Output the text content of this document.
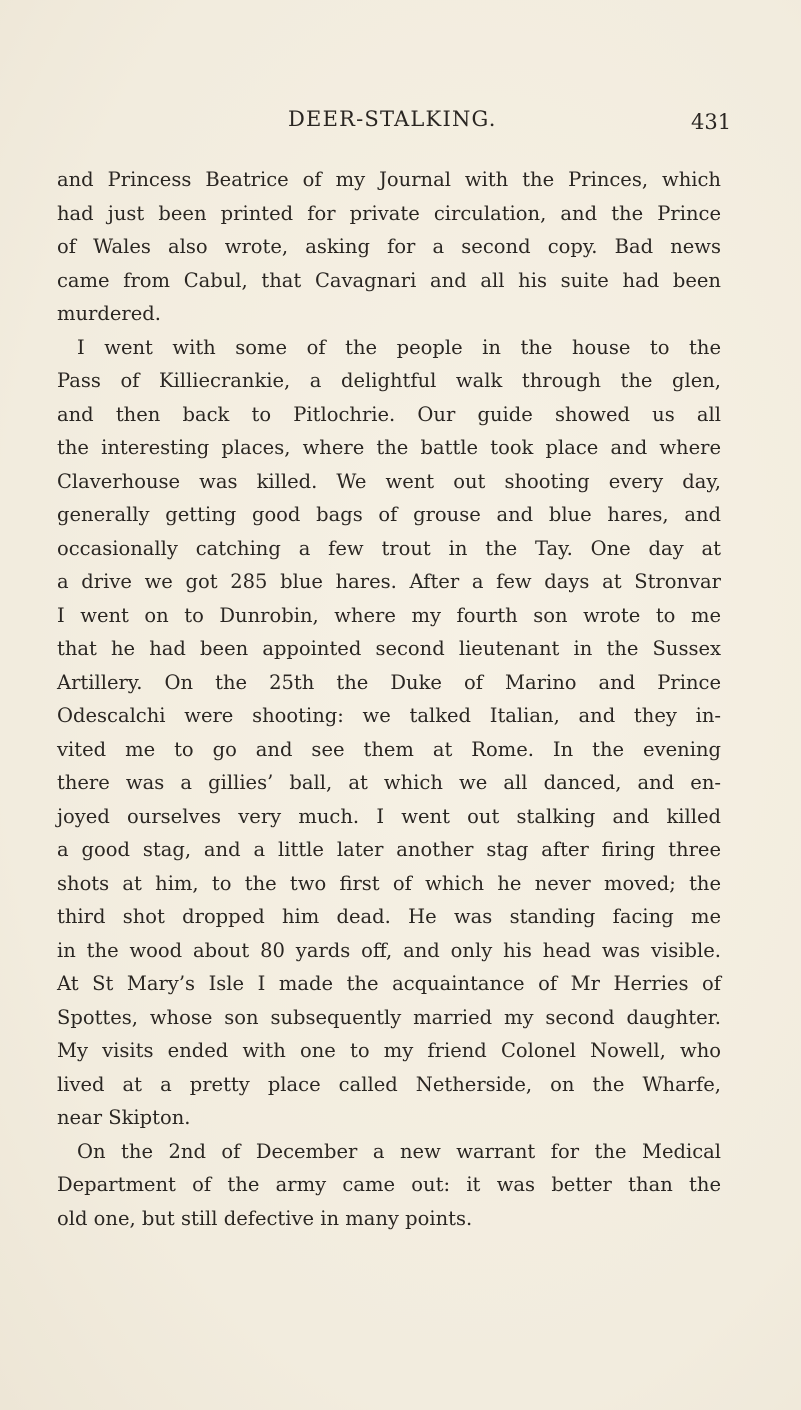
DEER-STALKING.	431
and Princess Beatrice of my Journal with the Princes, which
had just been printed for private circulation, and the Prince
of Wales also wrote, asking for a second copy. Bad news
came from Cabul, that Cavagnari and all his suite had been
murdered.
I went with some of the people in the house to the
Pass of Killiecrankie, a delightful walk through the glen,
and then back to Pitlochrie. Our guide showed us all
the interesting places, where the battle took place and where
Claverhouse was killed. We went out shooting every day,
generally getting good bags of grouse and blue hares, and
occasionally catching a few trout in the Tay. One day at
a drive we got 285 blue hares. After a few days at Stronvar
I went on to Dunrobin, where my fourth son wrote to me
that he had been appointed second lieutenant in the Sussex
Artillery. On the 25th the Duke of Marino and Prince
Odescalchi were shooting: we talked Italian, and they in-
vited me to go and see them at Rome. In the evening
there was a gillies’ ball, at which we all danced, and en-
joyed ourselves very much. I went out stalking and killed
a good stag, and a little later another stag after firing three
shots at him, to the two first of which he never moved; the
third shot dropped him dead. He was standing facing me
in the wood about 80 yards off, and only his head was visible.
At St Mary’s Isle I made the acquaintance of Mr Herries of
Spottes, whose son subsequently married my second daughter.
My visits ended with one to my friend Colonel Nowell, who
lived at a pretty place called Netherside, on the Wharfe,
near Skipton.
On the 2nd of December a new warrant for the Medical
Department of the army came out: it was better than the
old one, but still defective in many points.
